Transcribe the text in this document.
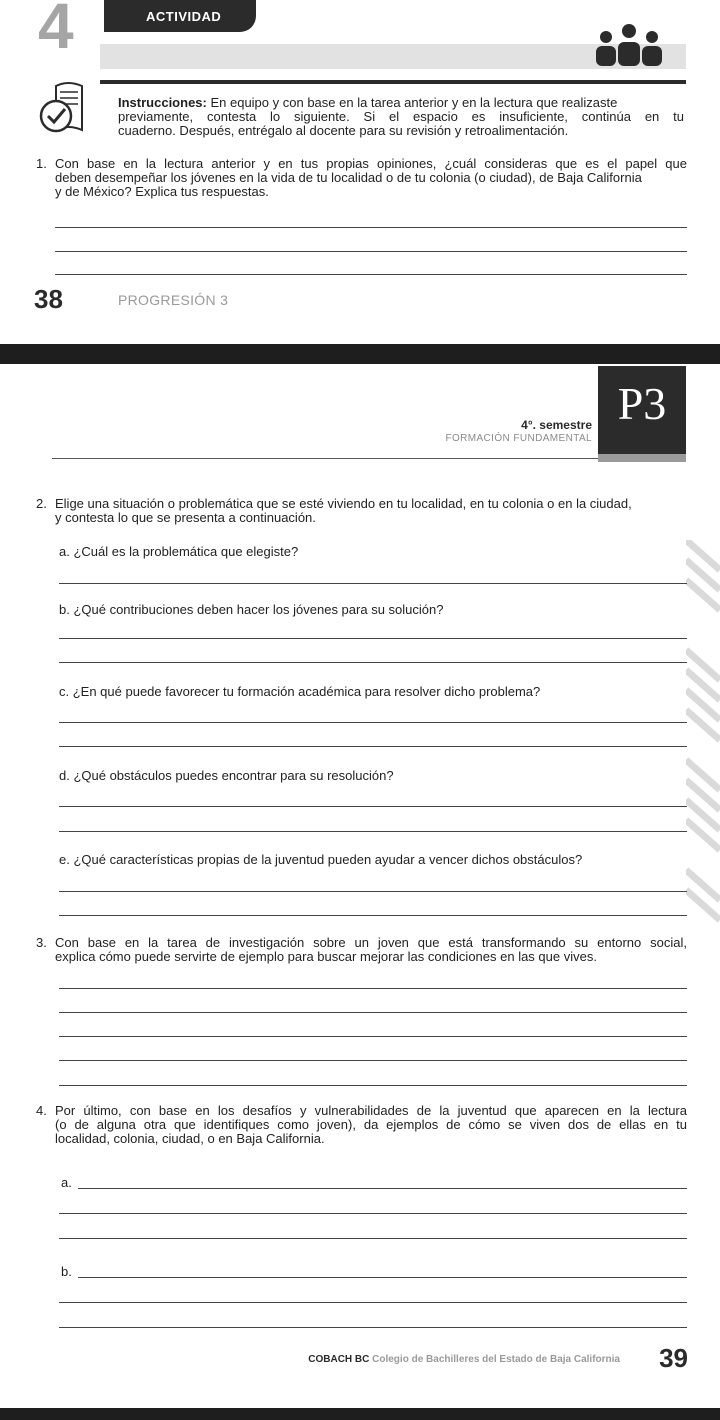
4	ACTIVIDAD
Instrucciones: En equipo y con base en la tarea anterior y en la lectura que realizaste
previamente, contesta lo siguiente. Si el espacio es insuficiente, continúa en tu
cuaderno. Después, entrégalo al docente para su revisión y retroalimentación.
1. Con base en la lectura anterior y en tus propias opiniones, ¿cuál consideras que es el papel que
deben desempeñar los jóvenes en la vida de tu localidad o de tu colonia (o ciudad), de Baja California
y de México? Explica tus respuestas.
38	PROGRESIÓN 3
4°. semestre
FORMACIÓN FUNDAMENTAL
P3
2. Elige una situación o problemática que se esté viviendo en tu localidad, en tu colonia o en la ciudad,
y contesta lo que se presenta a continuación.
a. ¿Cuál es la problemática que elegiste?
b. ¿Qué contribuciones deben hacer los jóvenes para su solución?
c. ¿En qué puede favorecer tu formación académica para resolver dicho problema?
d. ¿Qué obstáculos puedes encontrar para su resolución?
e. ¿Qué características propias de la juventud pueden ayudar a vencer dichos obstáculos?
3. Con base en la tarea de investigación sobre un joven que está transformando su entorno social,
explica cómo puede servirte de ejemplo para buscar mejorar las condiciones en las que vives.
4. Por último, con base en los desafíos y vulnerabilidades de la juventud que aparecen en la lectura
(o de alguna otra que identifiques como joven), da ejemplos de cómo se viven dos de ellas en tu
localidad, colonia, ciudad, o en Baja California.
a.
b.
COBACH BC Colegio de Bachilleres del Estado de Baja California	39
